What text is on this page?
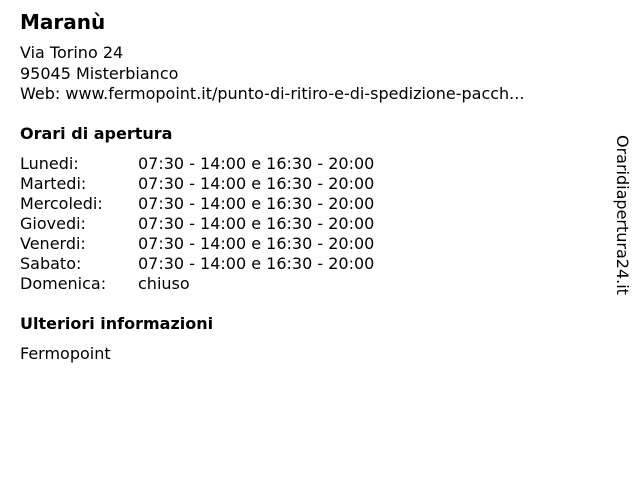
Maranù
Via Torino 24
95045 Misterbianco
Web: www.fermopoint.it/punto-di-ritiro-e-di-spedizione-pacch...
Orari di apertura
Lunedi:	07:30 - 14:00 e 16:30 - 20:00
Martedi:	07:30 - 14:00 e 16:30 - 20:00
Mercoledi:	07:30 - 14:00 e 16:30 - 20:00
Giovedi:	07:30 - 14:00 e 16:30 - 20:00
Venerdi:	07:30 - 14:00 e 16:30 - 20:00
Sabato:	07:30 - 14:00 e 16:30 - 20:00
Domenica:	chiuso
Ulteriori informazioni
Fermopoint
Oraridiapertura24.it
